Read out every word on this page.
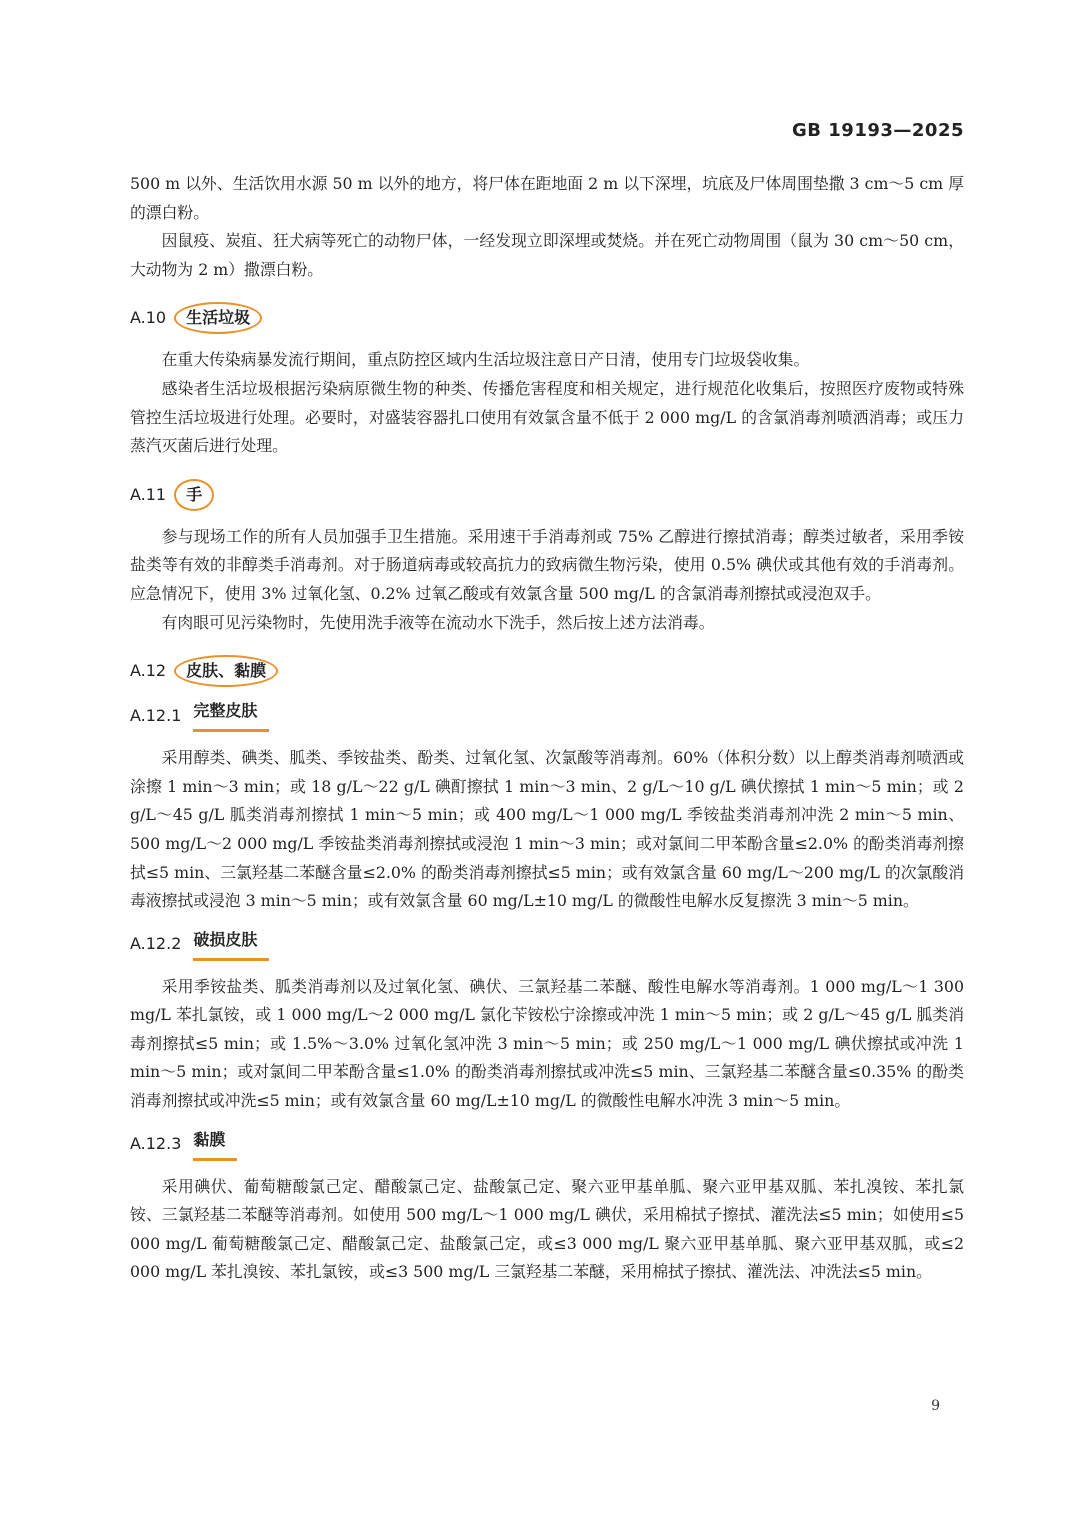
GB 19193—2025

500 m 以外、生活饮用水源 50 m 以外的地方，将尸体在距地面 2 m 以下深埋，坑底及尸体周围垫撒 3 cm～5 cm 厚的漂白粉。

因鼠疫、炭疽、狂犬病等死亡的动物尸体，一经发现立即深埋或焚烧。并在死亡动物周围（鼠为 30 cm～50 cm，大动物为 2 m）撒漂白粉。

A.10	生活垃圾

在重大传染病暴发流行期间，重点防控区域内生活垃圾注意日产日清，使用专门垃圾袋收集。

感染者生活垃圾根据污染病原微生物的种类、传播危害程度和相关规定，进行规范化收集后，按照医疗废物或特殊管控生活垃圾进行处理。必要时，对盛装容器扎口使用有效氯含量不低于 2 000 mg/L 的含氯消毒剂喷洒消毒；或压力蒸汽灭菌后进行处理。

A.11	手

参与现场工作的所有人员加强手卫生措施。采用速干手消毒剂或 75% 乙醇进行擦拭消毒；醇类过敏者，采用季铵盐类等有效的非醇类手消毒剂。对于肠道病毒或较高抗力的致病微生物污染，使用 0.5% 碘伏或其他有效的手消毒剂。应急情况下，使用 3% 过氧化氢、0.2% 过氧乙酸或有效氯含量 500 mg/L 的含氯消毒剂擦拭或浸泡双手。

有肉眼可见污染物时，先使用洗手液等在流动水下洗手，然后按上述方法消毒。

A.12	皮肤、黏膜
A.12.1 完整皮肤

采用醇类、碘类、胍类、季铵盐类、酚类、过氧化氢、次氯酸等消毒剂。60%（体积分数）以上醇类消毒剂喷洒或涂擦 1 min～3 min；或 18 g/L～22 g/L 碘酊擦拭 1 min～3 min、2 g/L～10 g/L 碘伏擦拭 1 min～5 min；或 2 g/L～45 g/L 胍类消毒剂擦拭 1 min～5 min；或 400 mg/L～1 000 mg/L 季铵盐类消毒剂冲洗 2 min～5 min、500 mg/L～2 000 mg/L 季铵盐类消毒剂擦拭或浸泡 1 min～3 min；或对氯间二甲苯酚含量≤2.0% 的酚类消毒剂擦拭≤5 min、三氯羟基二苯醚含量≤2.0% 的酚类消毒剂擦拭≤5 min；或有效氯含量 60 mg/L～200 mg/L 的次氯酸消毒液擦拭或浸泡 3 min～5 min；或有效氯含量 60 mg/L±10 mg/L 的微酸性电解水反复擦洗 3 min～5 min。

A.12.2 破损皮肤

采用季铵盐类、胍类消毒剂以及过氧化氢、碘伏、三氯羟基二苯醚、酸性电解水等消毒剂。1 000 mg/L～1 300 mg/L 苯扎氯铵，或 1 000 mg/L～2 000 mg/L 氯化苄铵松宁涂擦或冲洗 1 min～5 min；或 2 g/L～45 g/L 胍类消毒剂擦拭≤5 min；或 1.5%～3.0% 过氧化氢冲洗 3 min～5 min；或 250 mg/L～1 000 mg/L 碘伏擦拭或冲洗 1 min～5 min；或对氯间二甲苯酚含量≤1.0% 的酚类消毒剂擦拭或冲洗≤5 min、三氯羟基二苯醚含量≤0.35% 的酚类消毒剂擦拭或冲洗≤5 min；或有效氯含量 60 mg/L±10 mg/L 的微酸性电解水冲洗 3 min～5 min。

A.12.3 黏膜

采用碘伏、葡萄糖酸氯己定、醋酸氯己定、盐酸氯己定、聚六亚甲基单胍、聚六亚甲基双胍、苯扎溴铵、苯扎氯铵、三氯羟基二苯醚等消毒剂。如使用 500 mg/L～1 000 mg/L 碘伏，采用棉拭子擦拭、灌洗法≤5 min；如使用≤5 000 mg/L 葡萄糖酸氯己定、醋酸氯己定、盐酸氯己定，或≤3 000 mg/L 聚六亚甲基单胍、聚六亚甲基双胍，或≤2 000 mg/L 苯扎溴铵、苯扎氯铵，或≤3 500 mg/L 三氯羟基二苯醚，采用棉拭子擦拭、灌洗法、冲洗法≤5 min。

9
